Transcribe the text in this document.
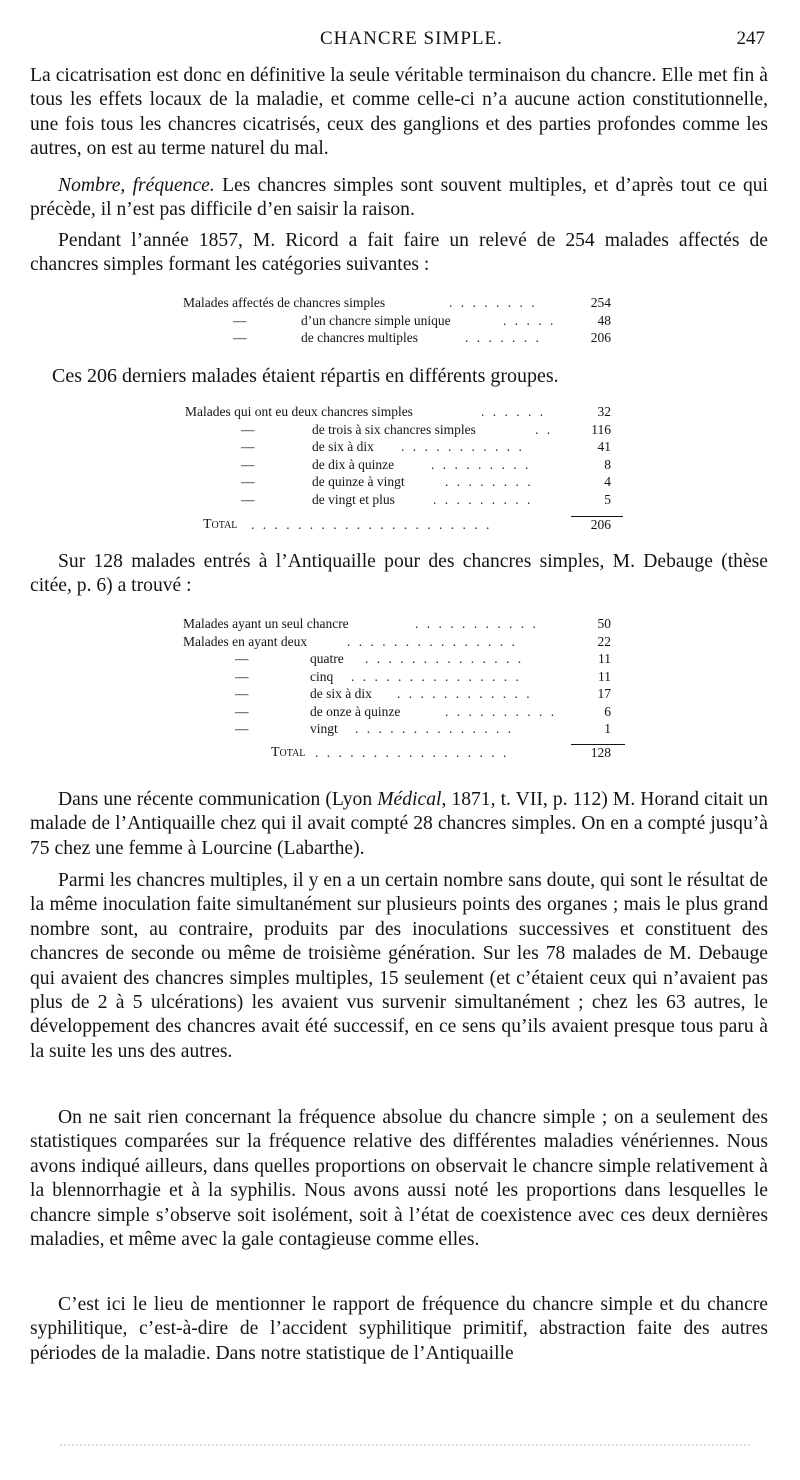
CHANCRE SIMPLE.	247

La cicatrisation est donc en définitive la seule véritable terminaison du chancre. Elle met fin à tous les effets locaux de la maladie, et comme celle-ci n’a aucune action constitutionnelle, une fois tous les chancres cicatrisés, ceux des ganglions et des parties profondes comme les autres, on est au terme naturel du mal.

Nombre, fréquence. Les chancres simples sont souvent multiples, et d’après tout ce qui précède, il n’est pas difficile d’en saisir la raison.

Pendant l’année 1857, M. Ricord a fait faire un relevé de 254 malades affectés de chancres simples formant les catégories suivantes :

Malades affectés de chancres simples	. . . . . . . .	254
—	d’un chancre simple unique	. . . . .	48
—	de chancres multiples	. . . . . . .	206

Ces 206 derniers malades étaient répartis en différents groupes.

Malades qui ont eu deux chancres simples	. . . . . .	32
—	de trois à six chancres simples	. .	116
—	de six à dix . . . . . . . . . . .	41
—	de dix à quinze	. . . . . . . . .	8
—	de quinze à vingt	. . . . . . . .	4
—	de vingt et plus	. . . . . . . . .	5
Total . . . . . . . . . . . . . . . . . . . . .	206

Sur 128 malades entrés à l’Antiquaille pour des chancres simples, M. Debauge (thèse citée, p. 6) a trouvé :

Malades ayant un seul chancre	. . . . . . . . . . .	50
Malades en ayant deux	. . . . . . . . . . . . . . .	22
—	quatre . . . . . . . . . . . . . .	11
—	cinq . . . . . . . . . . . . . . .	11
—	de six à dix . . . . . . . . . . . .	17
—	de onze à quinze	. . . . . . . . . .	6
—	vingt . . . . . . . . . . . . . .	1
Total . . . . . . . . . . . . . . . . .	128

Dans une récente communication (Lyon Médical, 1871, t. VII, p. 112) M. Horand citait un malade de l’Antiquaille chez qui il avait compté 28 chancres simples. On en a compté jusqu’à 75 chez une femme à Lourcine (Labarthe).

Parmi les chancres multiples, il y en a un certain nombre sans doute, qui sont le résultat de la même inoculation faite simultanément sur plusieurs points des organes ; mais le plus grand nombre sont, au contraire, produits par des inoculations successives et constituent des chancres de seconde ou même de troisième génération. Sur les 78 malades de M. Debauge qui avaient des chancres simples multiples, 15 seulement (et c’étaient ceux qui n’avaient pas plus de 2 à 5 ulcérations) les avaient vus survenir simultanément ; chez les 63 autres, le développement des chancres avait été successif, en ce sens qu’ils avaient presque tous paru à la suite les uns des autres.

On ne sait rien concernant la fréquence absolue du chancre simple ; on a seulement des statistiques comparées sur la fréquence relative des différentes maladies vénériennes. Nous avons indiqué ailleurs, dans quelles proportions on observait le chancre simple relativement à la blennorrhagie et à la syphilis. Nous avons aussi noté les proportions dans lesquelles le chancre simple s’observe soit isolément, soit à l’état de coexistence avec ces deux dernières maladies, et même avec la gale contagieuse comme elles.

C’est ici le lieu de mentionner le rapport de fréquence du chancre simple et du chancre syphilitique, c’est-à-dire de l’accident syphilitique primitif, abstraction faite des autres périodes de la maladie. Dans notre statistique de l’Antiquaille
